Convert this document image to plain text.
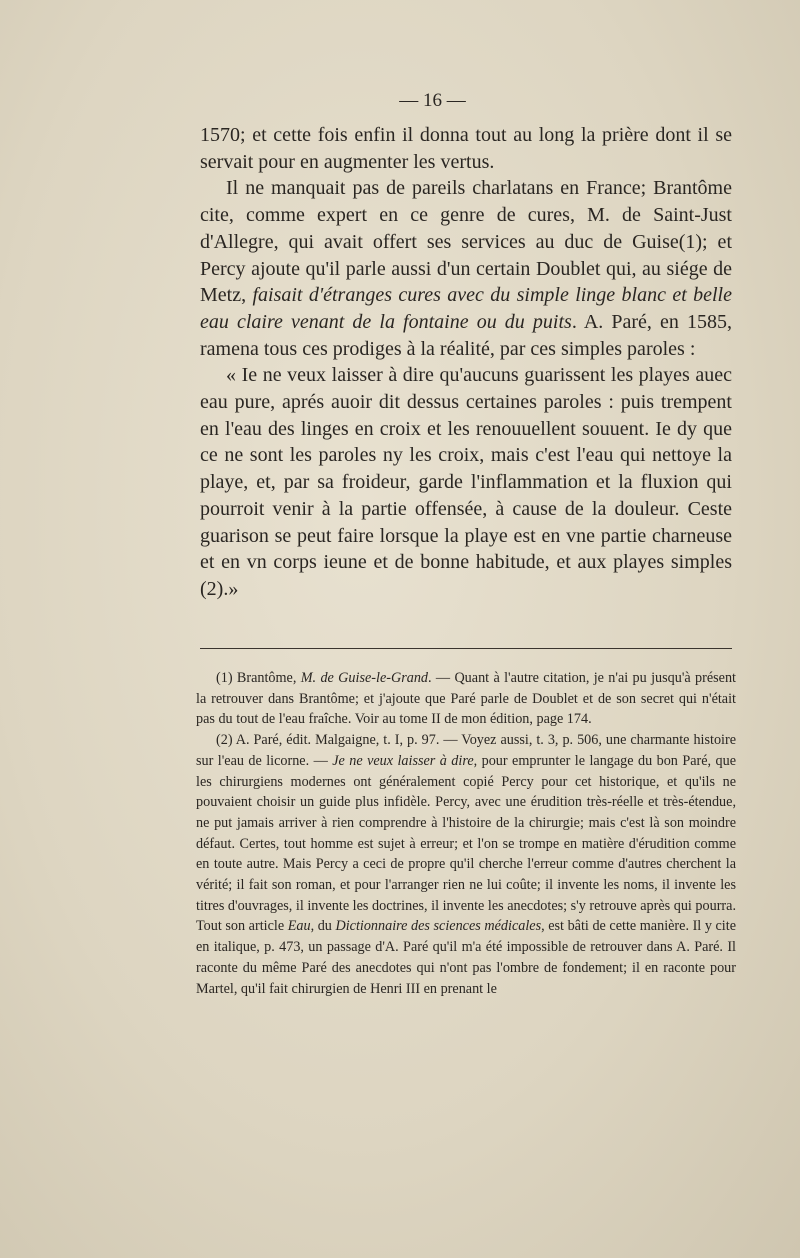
— 16 —

1570; et cette fois enfin il donna tout au long la prière dont il se servait pour en augmenter les vertus.

Il ne manquait pas de pareils charlatans en France; Brantôme cite, comme expert en ce genre de cures, M. de Saint-Just d'Allegre, qui avait offert ses services au duc de Guise(1); et Percy ajoute qu'il parle aussi d'un certain Doublet qui, au siége de Metz, faisait d'étranges cures avec du simple linge blanc et belle eau claire venant de la fontaine ou du puits. A. Paré, en 1585, ramena tous ces prodiges à la réalité, par ces simples paroles :

« Ie ne veux laisser à dire qu'aucuns guarissent les playes auec eau pure, aprés auoir dit dessus certaines paroles : puis trempent en l'eau des linges en croix et les renouuellent souuent. Ie dy que ce ne sont les paroles ny les croix, mais c'est l'eau qui nettoye la playe, et, par sa froideur, garde l'inflammation et la fluxion qui pourroit venir à la partie offensée, à cause de la douleur. Ceste guarison se peut faire lorsque la playe est en vne partie charneuse et en vn corps ieune et de bonne habitude, et aux playes simples (2).»

(1) Brantôme, M. de Guise-le-Grand. — Quant à l'autre citation, je n'ai pu jusqu'à présent la retrouver dans Brantôme; et j'ajoute que Paré parle de Doublet et de son secret qui n'était pas du tout de l'eau fraîche. Voir au tome II de mon édition, page 174.

(2) A. Paré, édit. Malgaigne, t. I, p. 97. — Voyez aussi, t. 3, p. 506, une charmante histoire sur l'eau de licorne. — Je ne veux laisser à dire, pour emprunter le langage du bon Paré, que les chirurgiens modernes ont généralement copié Percy pour cet historique, et qu'ils ne pouvaient choisir un guide plus infidèle. Percy, avec une érudition très-réelle et très-étendue, ne put jamais arriver à rien comprendre à l'histoire de la chirurgie; mais c'est là son moindre défaut. Certes, tout homme est sujet à erreur; et l'on se trompe en matière d'érudition comme en toute autre. Mais Percy a ceci de propre qu'il cherche l'erreur comme d'autres cherchent la vérité; il fait son roman, et pour l'arranger rien ne lui coûte; il invente les noms, il invente les titres d'ouvrages, il invente les doctrines, il invente les anecdotes; s'y retrouve après qui pourra. Tout son article Eau, du Dictionnaire des sciences médicales, est bâti de cette manière. Il y cite en italique, p. 473, un passage d'A. Paré qu'il m'a été impossible de retrouver dans A. Paré. Il raconte du même Paré des anecdotes qui n'ont pas l'ombre de fondement; il en raconte pour Martel, qu'il fait chirurgien de Henri III en prenant le
